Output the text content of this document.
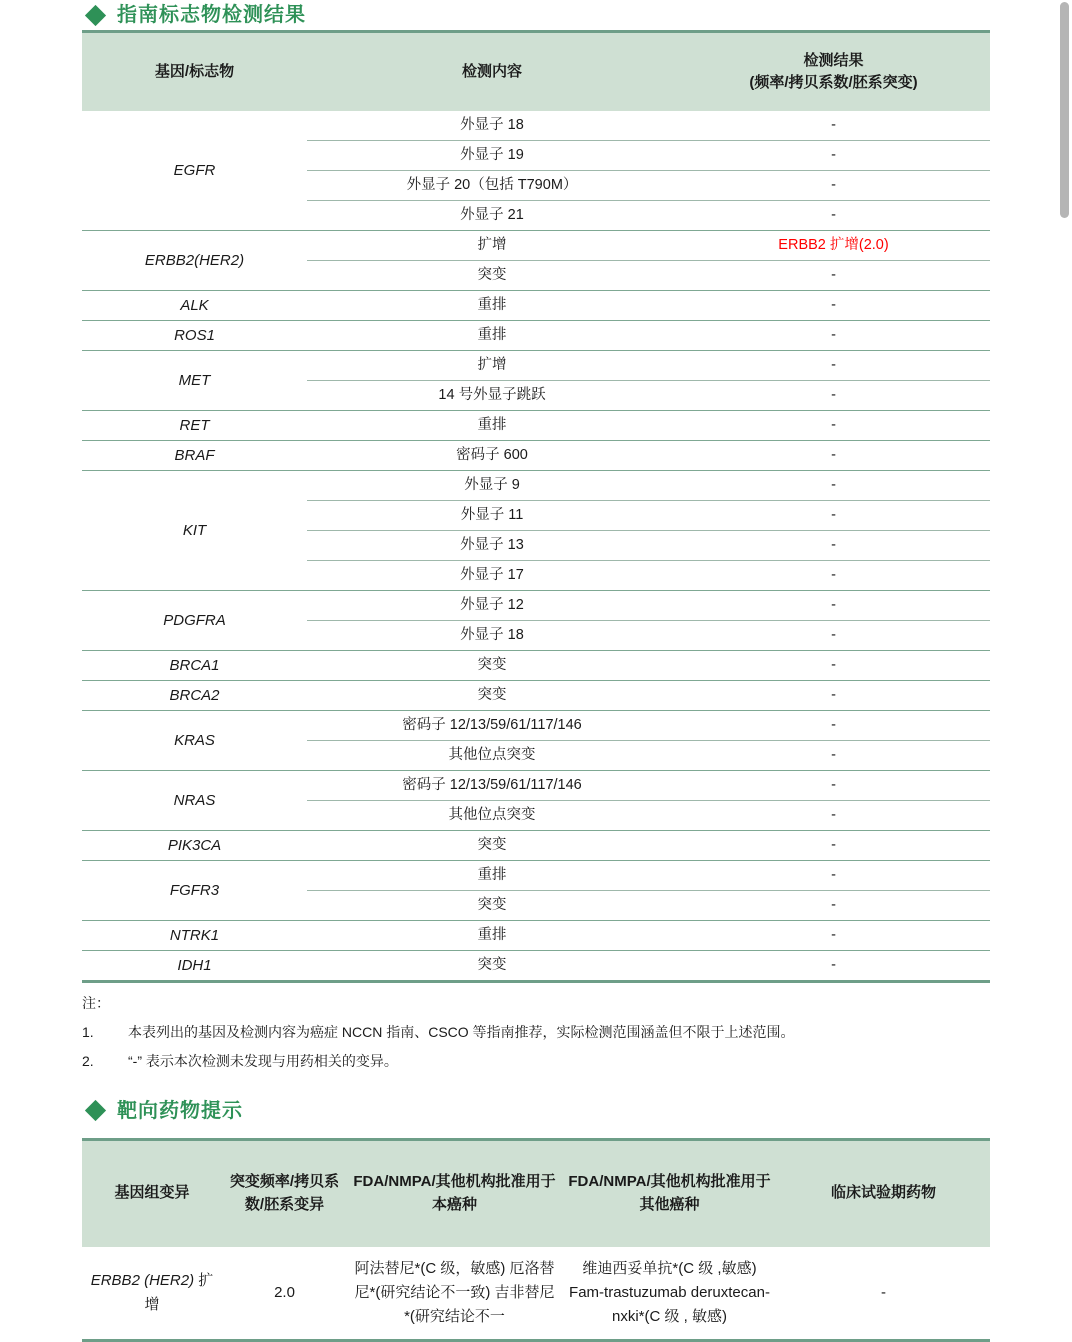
指南标志物检测结果
基因/标志物	检测内容	检测结果
(频率/拷贝系数/胚系突变)

EGFR	外显子 18	-
	外显子 19	-
	外显子 20（包括 T790M）	-
	外显子 21	-
ERBB2(HER2)	扩增	ERBB2 扩增(2.0)
	突变	-
ALK	重排	-
ROS1	重排	-
MET	扩增	-
	14 号外显子跳跃	-
RET	重排	-
BRAF	密码子 600	-
KIT	外显子 9	-
	外显子 11	-
	外显子 13	-
	外显子 17	-
PDGFRA	外显子 12	-
	外显子 18	-
BRCA1	突变	-
BRCA2	突变	-
KRAS	密码子 12/13/59/61/117/146	-
	其他位点突变	-
NRAS	密码子 12/13/59/61/117/146	-
	其他位点突变	-
PIK3CA	突变	-
FGFR3	重排	-
	突变	-
NTRK1	重排	-
IDH1	突变	-

注：

1.	本表列出的基因及检测内容为癌症 NCCN 指南、CSCO 等指南推荐，实际检测范围涵盖但不限于上述范围。
2.	“-” 表示本次检测未发现与用药相关的变异。
靶向药物提示
基因组变异	突变频率/拷贝系数/胚系变异	FDA/NMPA/其他机构批准用于本癌种	FDA/NMPA/其他机构批准用于其他癌种	临床试验期药物
ERBB2 (HER2) 扩增	2.0	阿法替尼*(C 级，敏感) 厄洛替尼*(研究结论不一致) 吉非替尼*(研究结论不一	维迪西妥单抗*(C 级 ,敏感) Fam-trastuzumab deruxtecan-nxki*(C 级 , 敏感)	-
